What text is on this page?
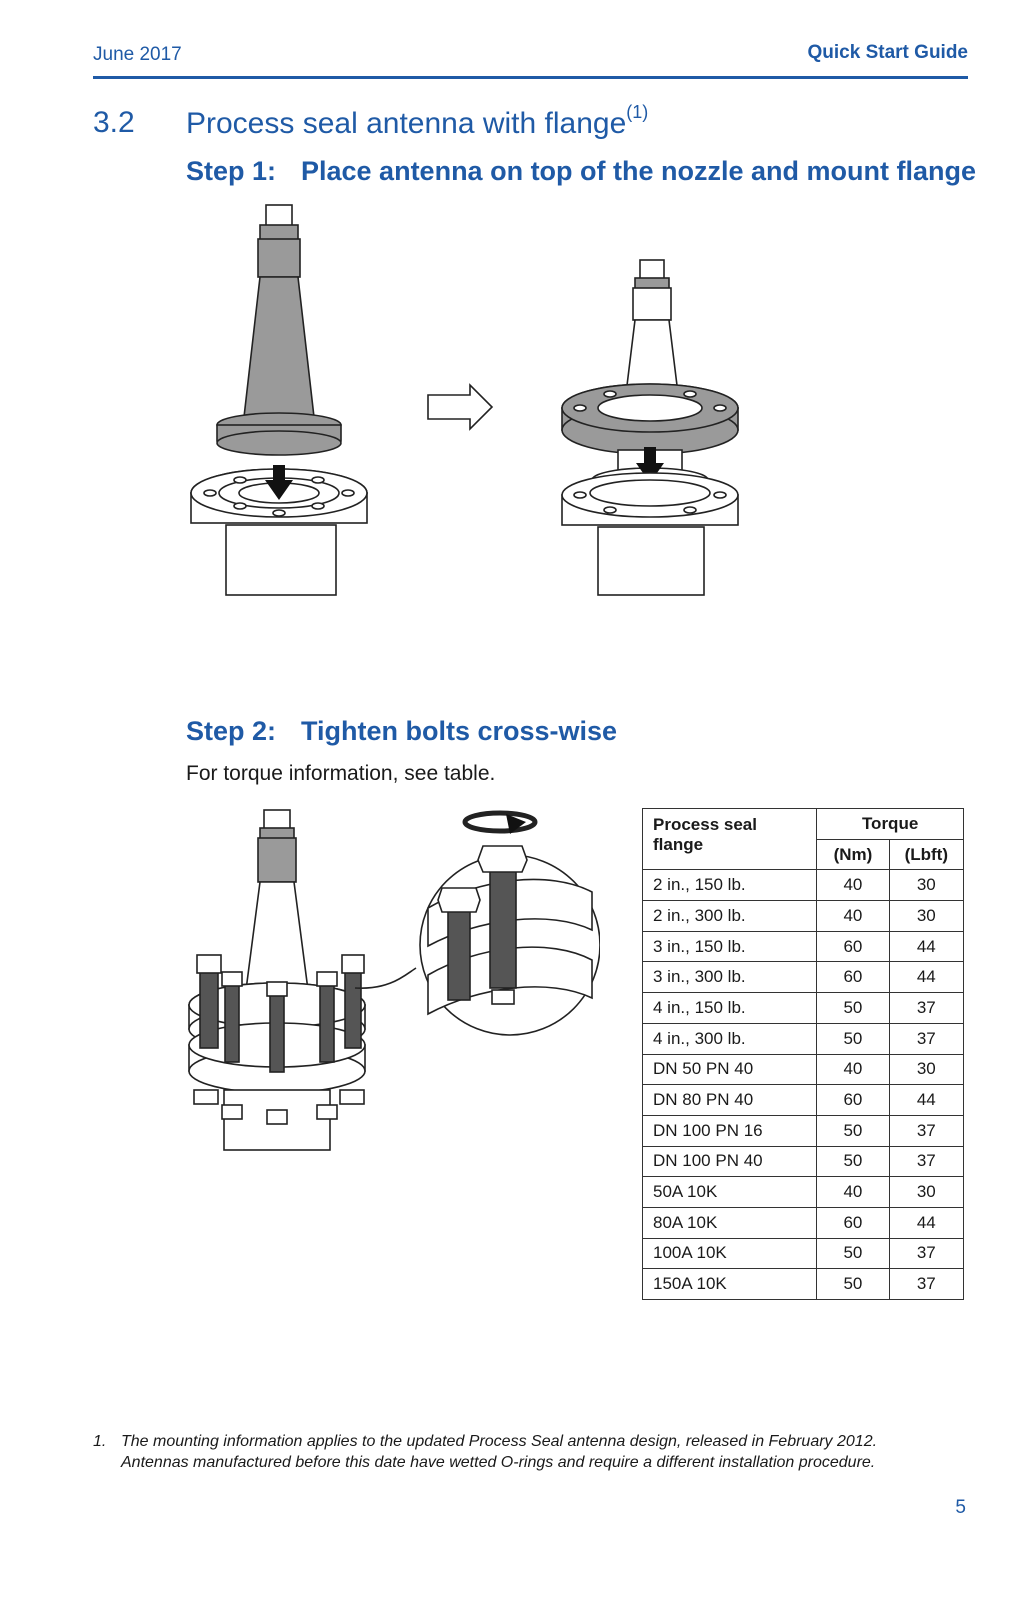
June 2017	Quick Start Guide
3.2 Process seal antenna with flange$^{(1)}$
Step 1: Place antenna on top of the nozzle and mount flange
Step 2: Tighten bolts cross-wise
For torque information, see table.
Process seal flange	Torque	
	(Nm)	(Lbft)
2 in., 150 lb.	40	30
2 in., 300 lb.	40	30
3 in., 150 lb.	60	44
3 in., 300 lb.	60	44
4 in., 150 lb.	50	37
4 in., 300 lb.	50	37
DN 50 PN 40	40	30
DN 80 PN 40	60	44
DN 100 PN 16	50	37
DN 100 PN 40	50	37
50A 10K	40	30
80A 10K	60	44
100A 10K	50	37
150A 10K	50	37
1. The mounting information applies to the updated Process Seal antenna design, released in February 2012.
Antennas manufactured before this date have wetted O-rings and require a different installation procedure.
5
